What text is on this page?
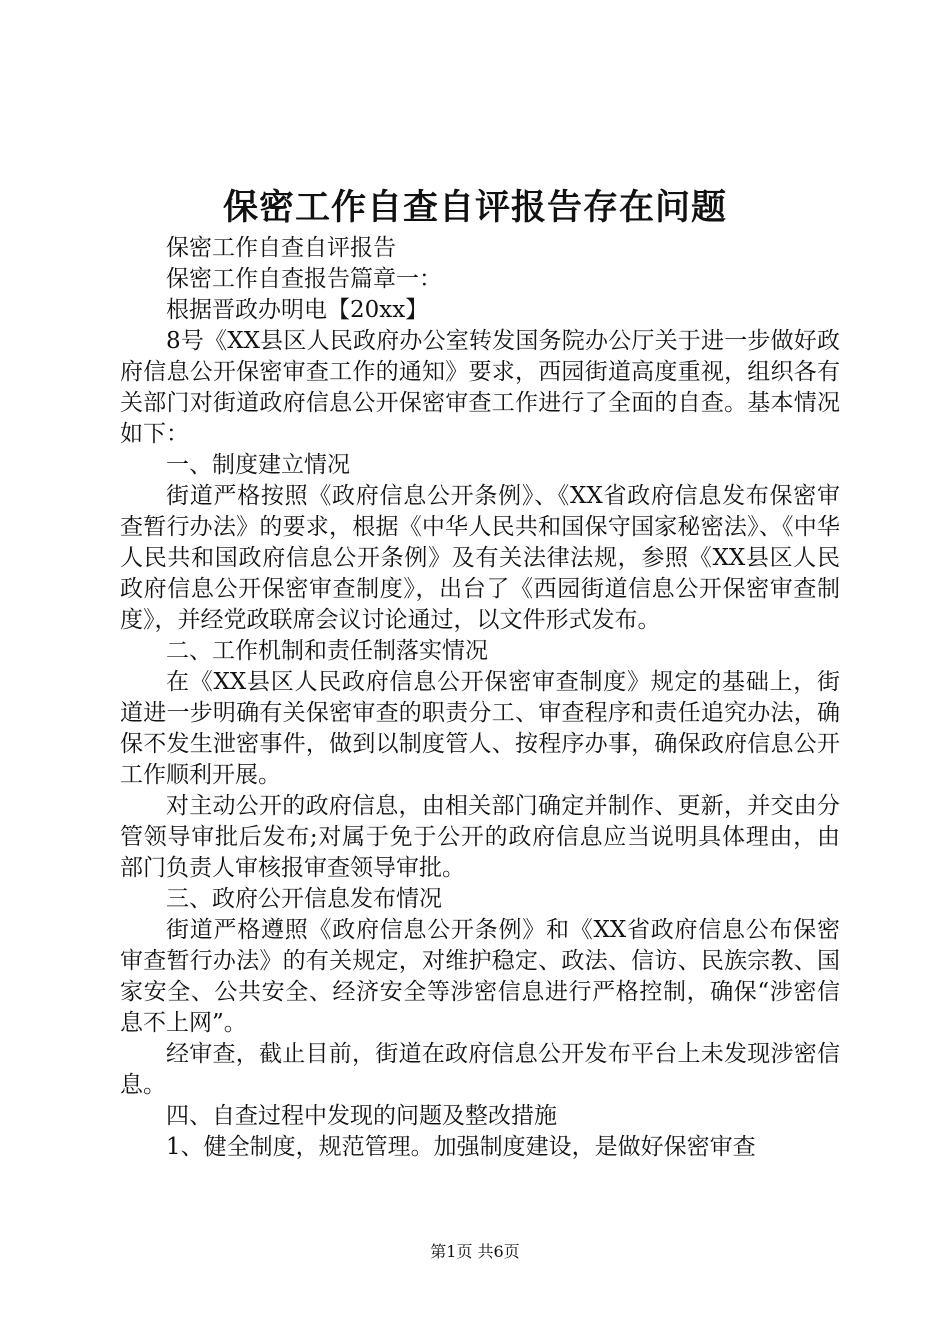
保密工作自查自评报告存在问题

保密工作自查自评报告

保密工作自查报告篇章一：

根据晋政办明电【20xx】

8号《XX县区人民政府办公室转发国务院办公厅关于进一步做好政府信息公开保密审查工作的通知》要求，西园街道高度重视，组织各有关部门对街道政府信息公开保密审查工作进行了全面的自查。基本情况如下：

一、制度建立情况

街道严格按照《政府信息公开条例》、《XX省政府信息发布保密审查暂行办法》的要求，根据《中华人民共和国保守国家秘密法》、《中华人民共和国政府信息公开条例》及有关法律法规，参照《XX县区人民政府信息公开保密审查制度》，出台了《西园街道信息公开保密审查制度》，并经党政联席会议讨论通过，以文件形式发布。

二、工作机制和责任制落实情况

在《XX县区人民政府信息公开保密审查制度》规定的基础上，街道进一步明确有关保密审查的职责分工、审查程序和责任追究办法，确保不发生泄密事件，做到以制度管人、按程序办事，确保政府信息公开工作顺利开展。

对主动公开的政府信息，由相关部门确定并制作、更新，并交由分管领导审批后发布;对属于免于公开的政府信息应当说明具体理由，由部门负责人审核报审查领导审批。

三、政府公开信息发布情况

街道严格遵照《政府信息公开条例》和《XX省政府信息公布保密审查暂行办法》的有关规定，对维护稳定、政法、信访、民族宗教、国家安全、公共安全、经济安全等涉密信息进行严格控制，确保“涉密信息不上网”。

经审查，截止目前，街道在政府信息公开发布平台上未发现涉密信息。

四、自查过程中发现的问题及整改措施

1、健全制度，规范管理。加强制度建设，是做好保密审查

第1页 共6页
